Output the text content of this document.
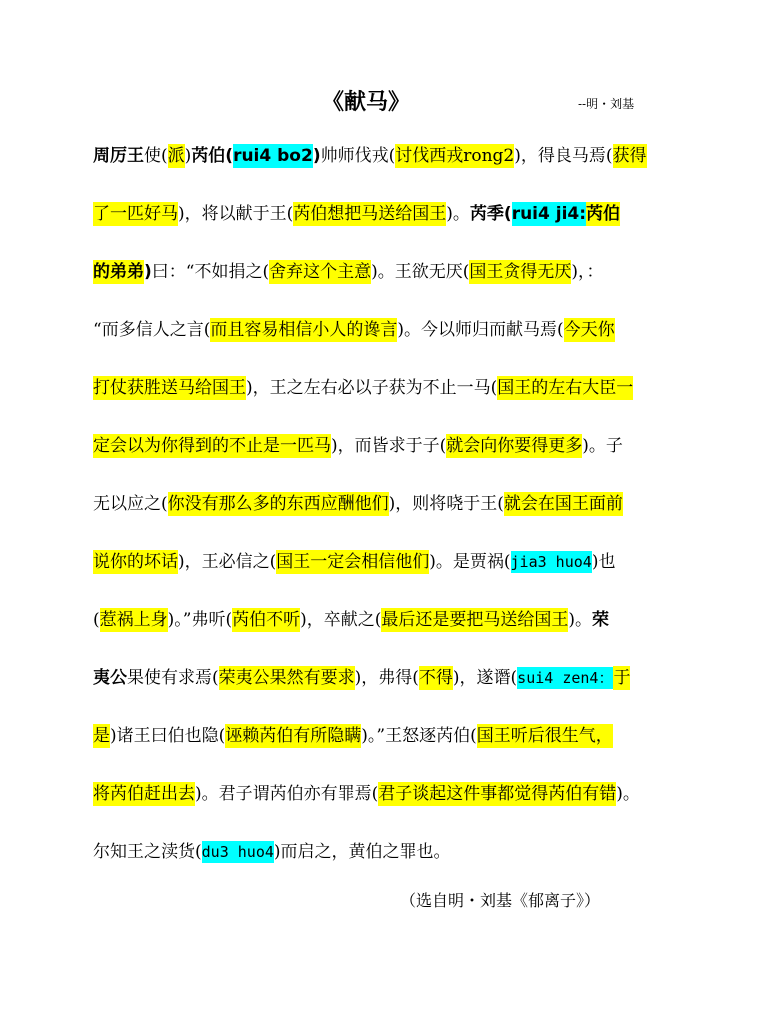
《献马》	--明・刘基
周厉王使(派)芮伯(rui4 bo2)帅师伐戎(讨伐西戎rong2)，得良马焉(获得
了一匹好马)，将以献于王(芮伯想把马送给国王)。芮季(rui4 ji4:芮伯
的弟弟)曰：“不如捐之(舍弃这个主意)。王欲无厌(国王贪得无厌)，：
“而多信人之言(而且容易相信小人的谗言)。今以师归而献马焉(今天你
打仗获胜送马给国王)，王之左右必以子获为不止一马(国王的左右大臣一
定会以为你得到的不止是一匹马)，而皆求于子(就会向你要得更多)。子
无以应之(你没有那么多的东西应酬他们)，则将哓于王(就会在国王面前
说你的坏话)，王必信之(国王一定会相信他们)。是贾祸(jia3 huo4)也
(惹祸上身)。”弗听(芮伯不听)，卒献之(最后还是要把马送给国王)。荣
夷公果使有求焉(荣夷公果然有要求)，弗得(不得)，遂谮(sui4 zen4：于
是)诸王曰伯也隐(诬赖芮伯有所隐瞒)。”王怒逐芮伯(国王听后很生气，
将芮伯赶出去)。君子谓芮伯亦有罪焉(君子谈起这件事都觉得芮伯有错)。
尔知王之渎货(du3 huo4)而启之，黄伯之罪也。
（选自明・刘基《郁离子》）
